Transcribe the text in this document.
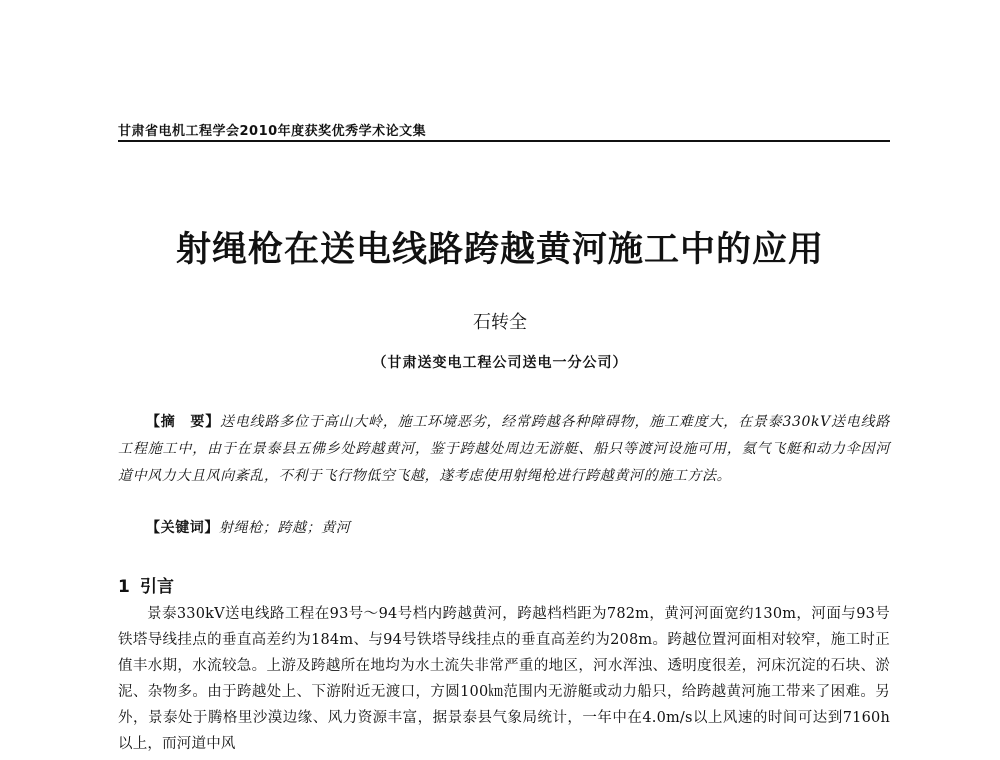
甘肃省电机工程学会2010年度获奖优秀学术论文集
射绳枪在送电线路跨越黄河施工中的应用
石转全
（甘肃送变电工程公司送电一分公司）
【摘　要】送电线路多位于高山大岭，施工环境恶劣，经常跨越各种障碍物，施工难度大，在景泰330kV送电线路工程施工中，由于在景泰县五佛乡处跨越黄河，鉴于跨越处周边无游艇、船只等渡河设施可用，氦气飞艇和动力伞因河道中风力大且风向紊乱，不利于飞行物低空飞越，遂考虑使用射绳枪进行跨越黄河的施工方法。
【关键词】射绳枪；跨越；黄河
1 引言
景泰330kV送电线路工程在93号～94号档内跨越黄河，跨越档档距为782m，黄河河面宽约130m，河面与93号铁塔导线挂点的垂直高差约为184m、与94号铁塔导线挂点的垂直高差约为208m。跨越位置河面相对较窄，施工时正值丰水期，水流较急。上游及跨越所在地均为水土流失非常严重的地区，河水浑浊、透明度很差，河床沉淀的石块、淤泥、杂物多。由于跨越处上、下游附近无渡口，方圆100㎞范围内无游艇或动力船只，给跨越黄河施工带来了困难。另外，景泰处于腾格里沙漠边缘、风力资源丰富，据景泰县气象局统计，一年中在4.0m/s以上风速的时间可达到7160h以上，而河道中风
